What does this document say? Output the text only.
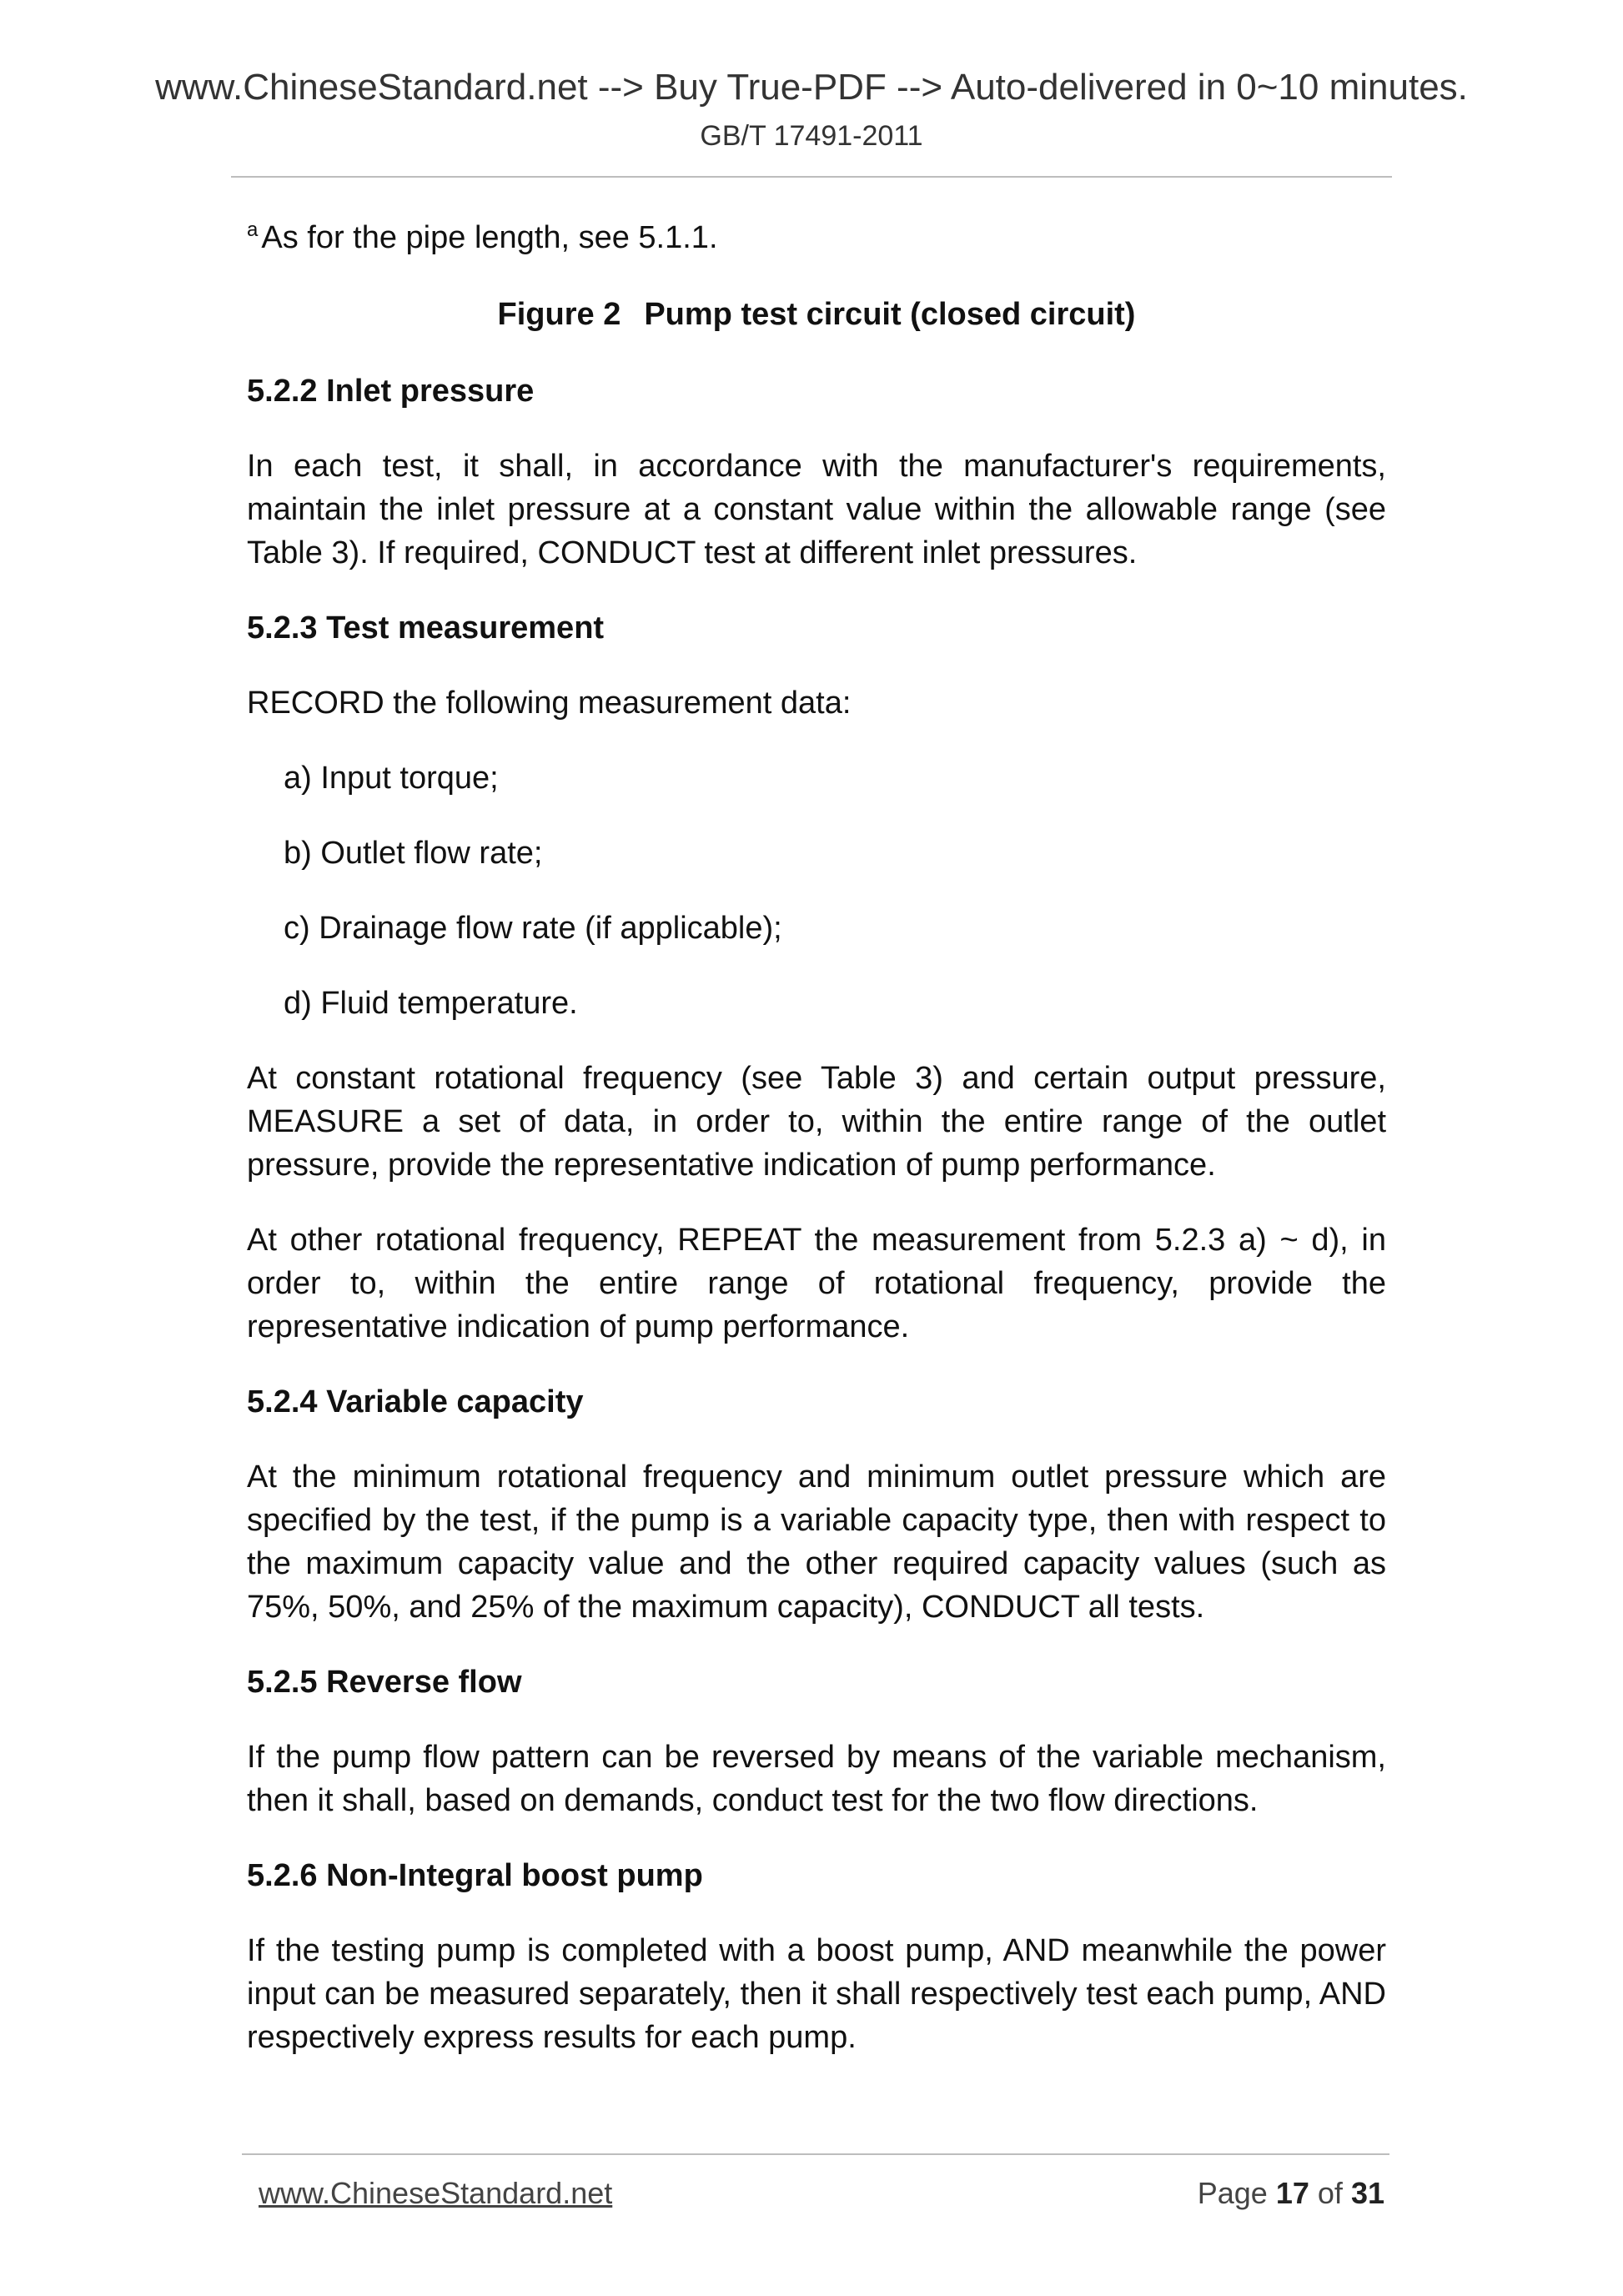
www.ChineseStandard.net --> Buy True-PDF --> Auto-delivered in 0~10 minutes.
GB/T 17491-2011
$^a$ As for the pipe length, see 5.1.1.
Figure 2 Pump test circuit (closed circuit)
5.2.2 Inlet pressure

In each test, it shall, in accordance with the manufacturer's requirements, maintain the inlet pressure at a constant value within the allowable range (see Table 3). If required, CONDUCT test at different inlet pressures.

5.2.3 Test measurement

RECORD the following measurement data:

a) Input torque;
b) Outlet flow rate;
c) Drainage flow rate (if applicable);
d) Fluid temperature.

At constant rotational frequency (see Table 3) and certain output pressure, MEASURE a set of data, in order to, within the entire range of the outlet pressure, provide the representative indication of pump performance.

At other rotational frequency, REPEAT the measurement from 5.2.3 a) ~ d), in order to, within the entire range of rotational frequency, provide the representative indication of pump performance.

5.2.4 Variable capacity

At the minimum rotational frequency and minimum outlet pressure which are specified by the test, if the pump is a variable capacity type, then with respect to the maximum capacity value and the other required capacity values (such as 75%, 50%, and 25% of the maximum capacity), CONDUCT all tests.

5.2.5 Reverse flow

If the pump flow pattern can be reversed by means of the variable mechanism, then it shall, based on demands, conduct test for the two flow directions.

5.2.6 Non-Integral boost pump

If the testing pump is completed with a boost pump, AND meanwhile the power input can be measured separately, then it shall respectively test each pump, AND respectively express results for each pump.

www.ChineseStandard.net	Page 17 of 31
